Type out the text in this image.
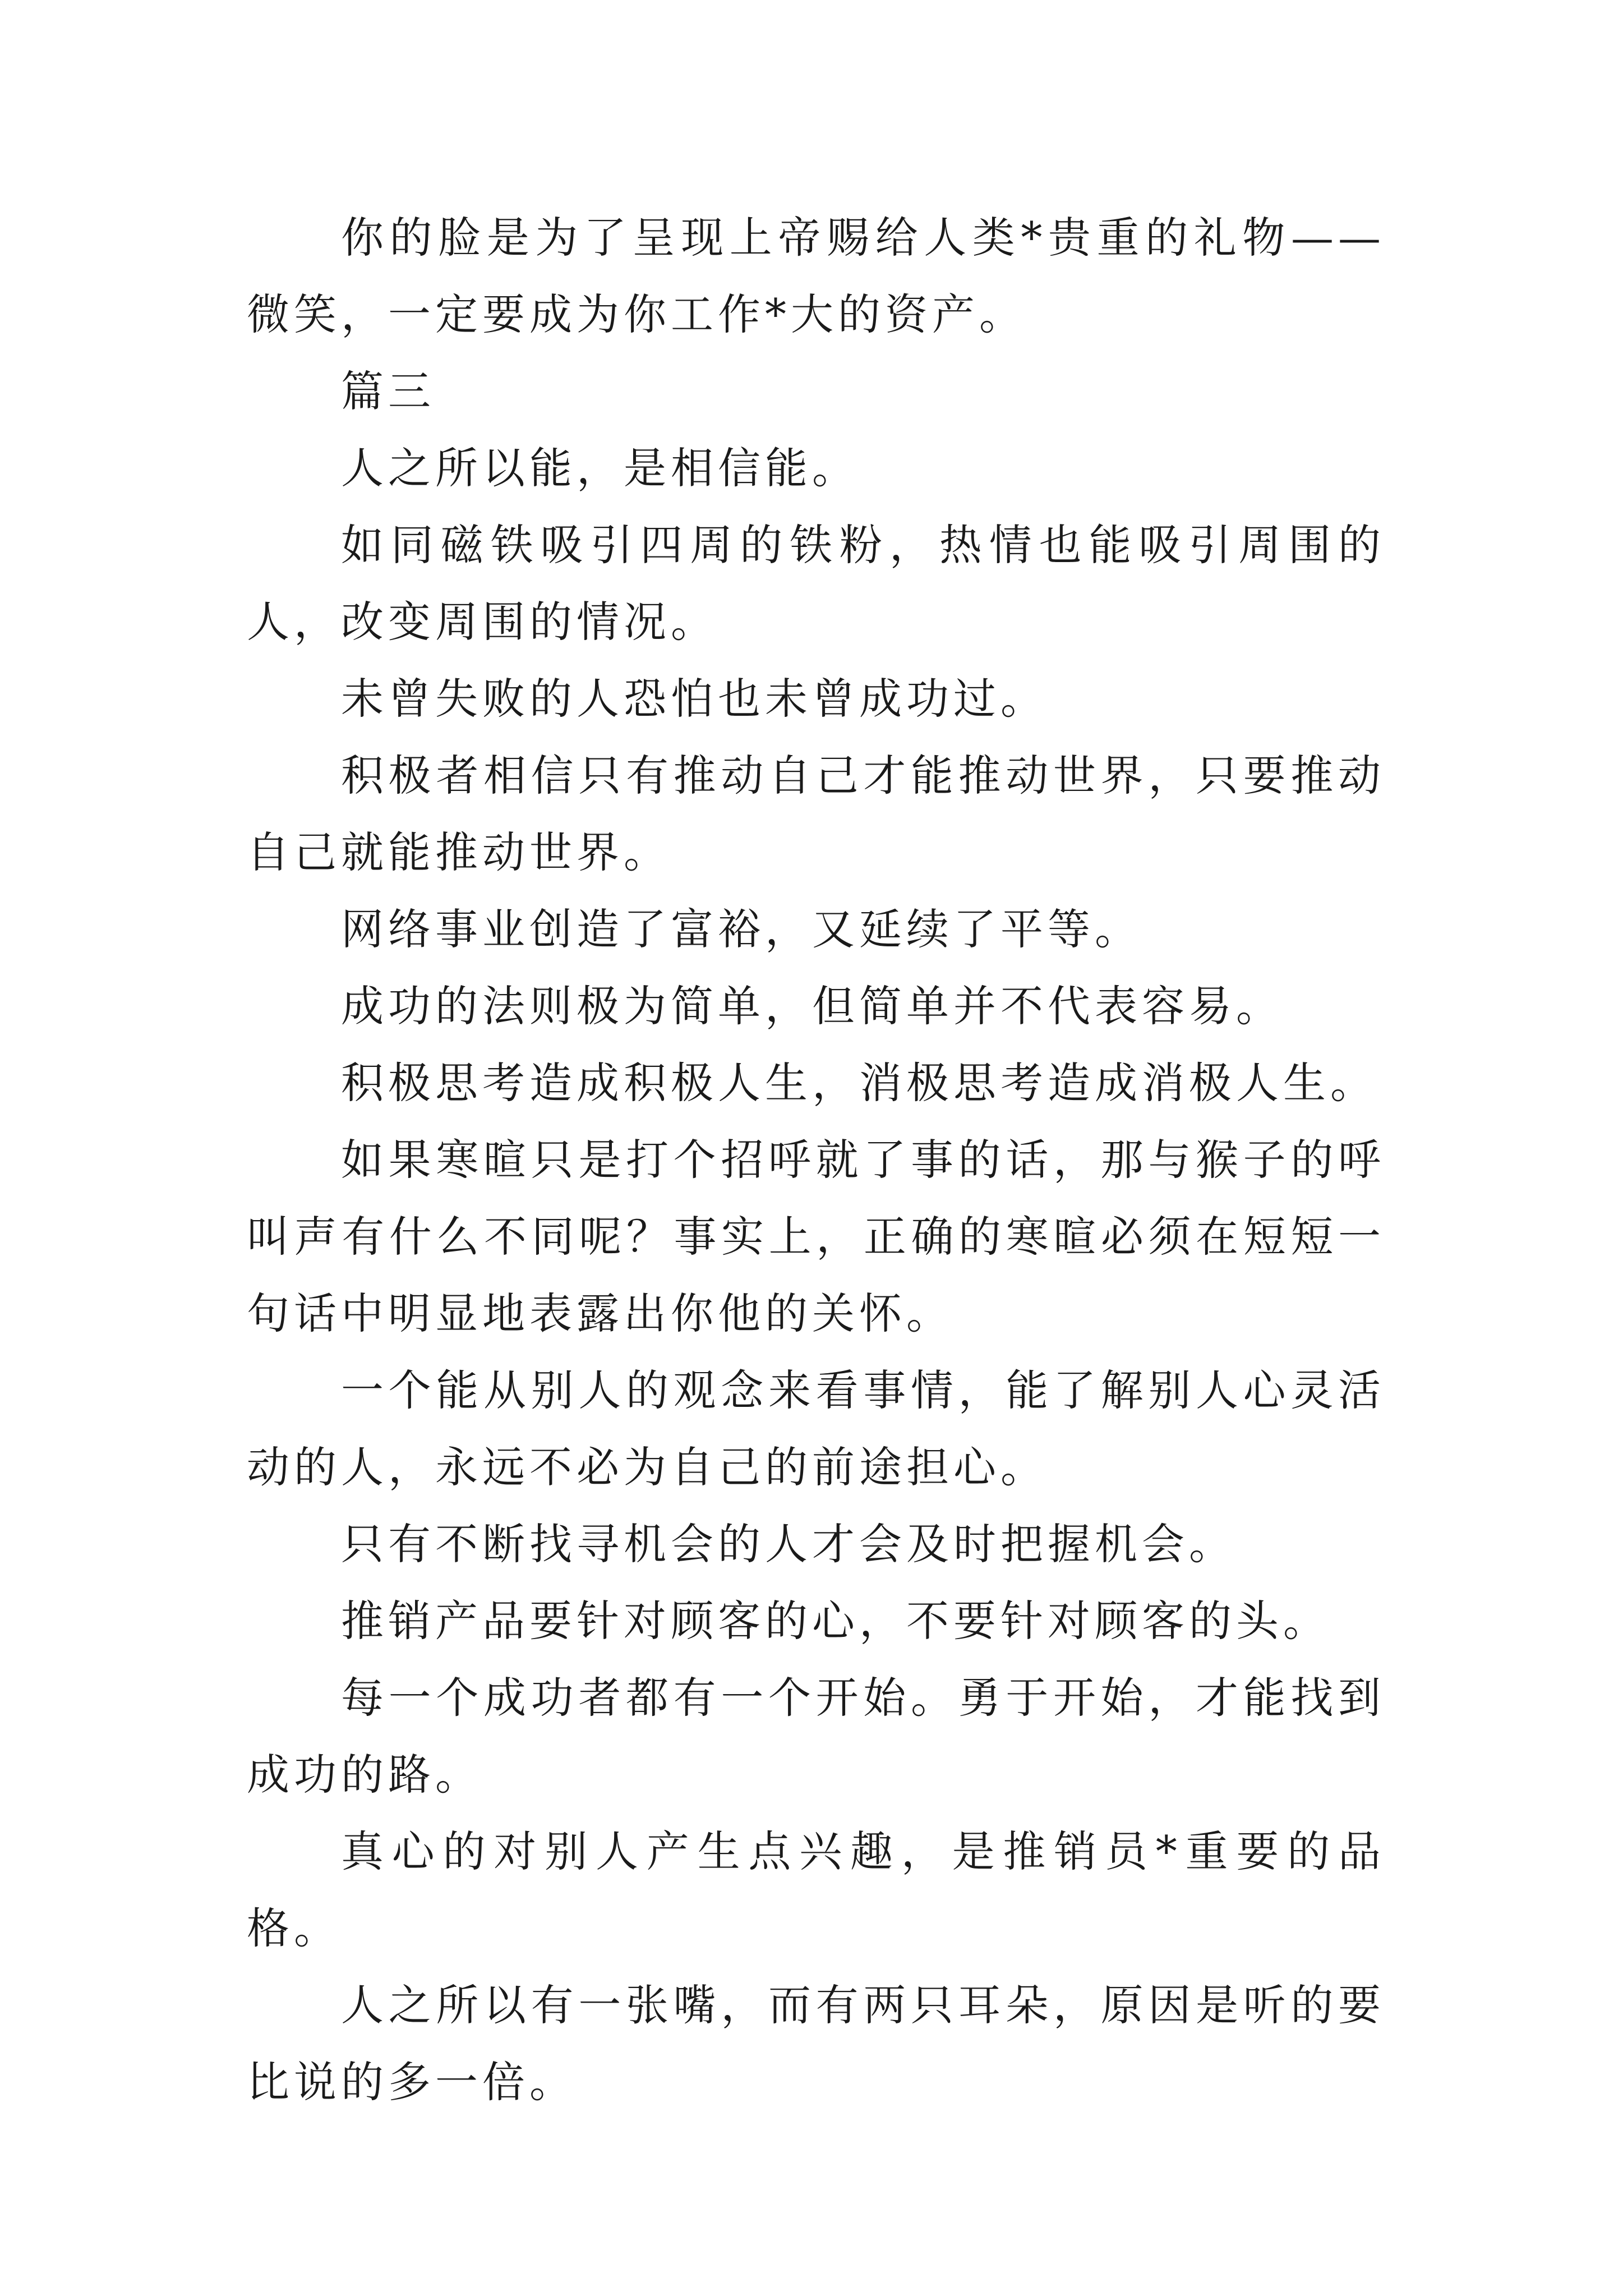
你的脸是为了呈现上帝赐给人类*贵重的礼物——微笑，一定要成为你工作*大的资产。

篇三

人之所以能，是相信能。

如同磁铁吸引四周的铁粉，热情也能吸引周围的人，改变周围的情况。

未曾失败的人恐怕也未曾成功过。

积极者相信只有推动自己才能推动世界，只要推动自己就能推动世界。

网络事业创造了富裕，又延续了平等。

成功的法则极为简单，但简单并不代表容易。

积极思考造成积极人生，消极思考造成消极人生。

如果寒暄只是打个招呼就了事的话，那与猴子的呼叫声有什么不同呢？事实上，正确的寒暄必须在短短一句话中明显地表露出你他的关怀。

一个能从别人的观念来看事情，能了解别人心灵活动的人，永远不必为自己的前途担心。

只有不断找寻机会的人才会及时把握机会。

推销产品要针对顾客的心，不要针对顾客的头。

每一个成功者都有一个开始。勇于开始，才能找到成功的路。

真心的对别人产生点兴趣，是推销员*重要的品格。

人之所以有一张嘴，而有两只耳朵，原因是听的要比说的多一倍。
